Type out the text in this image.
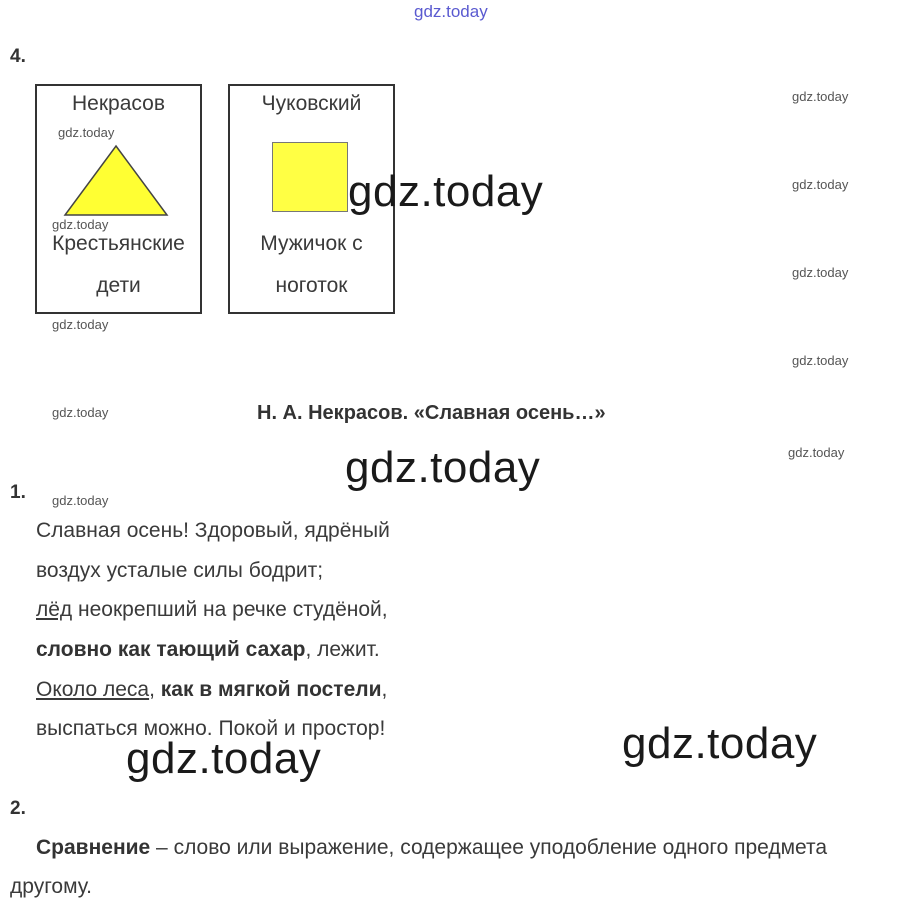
gdz.today
4.
Некрасов
Крестьянские
дети
Чуковский
Мужичок с
ноготок
gdz.today
gdz.today
gdz.today
gdz.today
gdz.today
gdz.today
gdz.today
gdz.today
gdz.today
gdz.today
gdz.today
gdz.today
gdz.today	gdz.today
Н. А. Некрасов. «Славная осень…»
1.
Славная осень! Здоровый, ядрёный
воздух усталые силы бодрит;
лёд неокрепший на речке студёной,
словно как тающий сахар, лежит.
Около леса, как в мягкой постели,
выспаться можно. Покой и простор!
2.
Сравнение – слово или выражение, содержащее уподобление одного предмета
другому.
